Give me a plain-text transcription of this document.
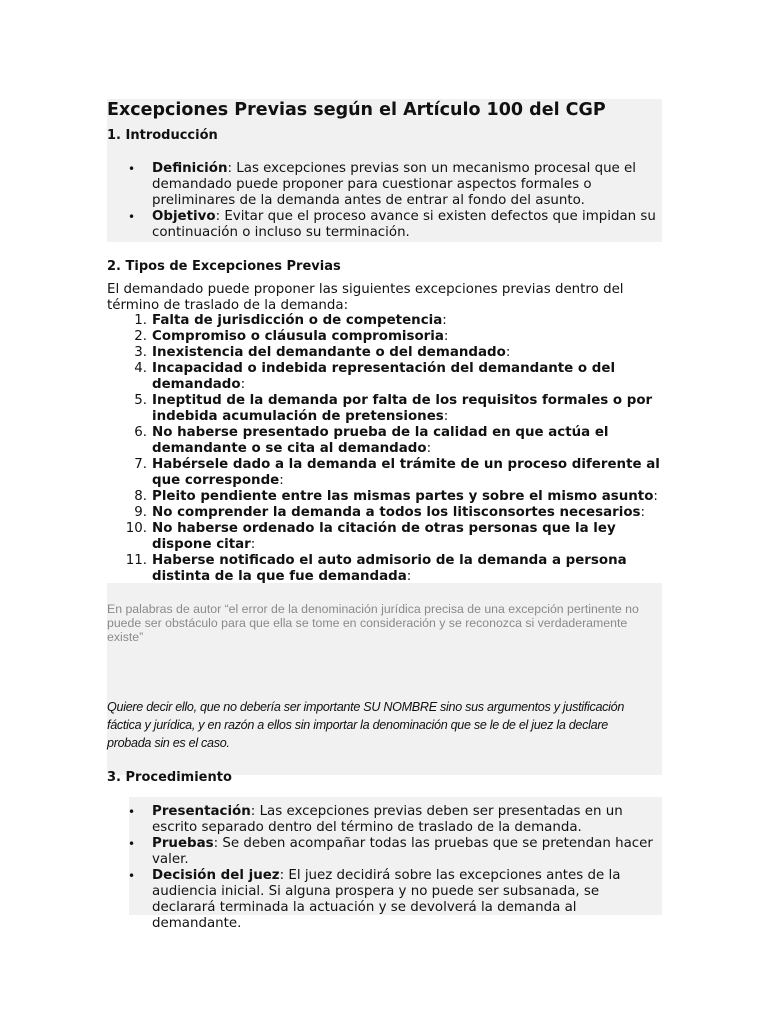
Excepciones Previas según el Artículo 100 del CGP
1. Introducción
• Definición: Las excepciones previas son un mecanismo procesal que el demandado puede proponer para cuestionar aspectos formales o preliminares de la demanda antes de entrar al fondo del asunto.
• Objetivo: Evitar que el proceso avance si existen defectos que impidan su continuación o incluso su terminación.
2. Tipos de Excepciones Previas

El demandado puede proponer las siguientes excepciones previas dentro del término de traslado de la demanda:

1. Falta de jurisdicción o de competencia:
2. Compromiso o cláusula compromisoria:
3. Inexistencia del demandante o del demandado:
4. Incapacidad o indebida representación del demandante o del demandado:
5. Ineptitud de la demanda por falta de los requisitos formales o por indebida acumulación de pretensiones:
6. No haberse presentado prueba de la calidad en que actúa el demandante o se cita al demandado:
7. Habérsele dado a la demanda el trámite de un proceso diferente al que corresponde:
8. Pleito pendiente entre las mismas partes y sobre el mismo asunto:
9. No comprender la demanda a todos los litisconsortes necesarios:
10. No haberse ordenado la citación de otras personas que la ley dispone citar:
11. Haberse notificado el auto admisorio de la demanda a persona distinta de la que fue demandada:

En palabras de autor “el error de la denominación jurídica precisa de una excepción pertinente no puede ser obstáculo para que ella se tome en consideración y se reconozca si verdaderamente existe”

Quiere decir ello, que no debería ser importante SU NOMBRE sino sus argumentos y justificación fáctica y jurídica, y en razón a ellos sin importar la denominación que se le de el juez la declare probada sin es el caso.

3. Procedimiento
• Presentación: Las excepciones previas deben ser presentadas en un escrito separado dentro del término de traslado de la demanda.
• Pruebas: Se deben acompañar todas las pruebas que se pretendan hacer valer.
• Decisión del juez: El juez decidirá sobre las excepciones antes de la audiencia inicial. Si alguna prospera y no puede ser subsanada, se declarará terminada la actuación y se devolverá la demanda al demandante.
